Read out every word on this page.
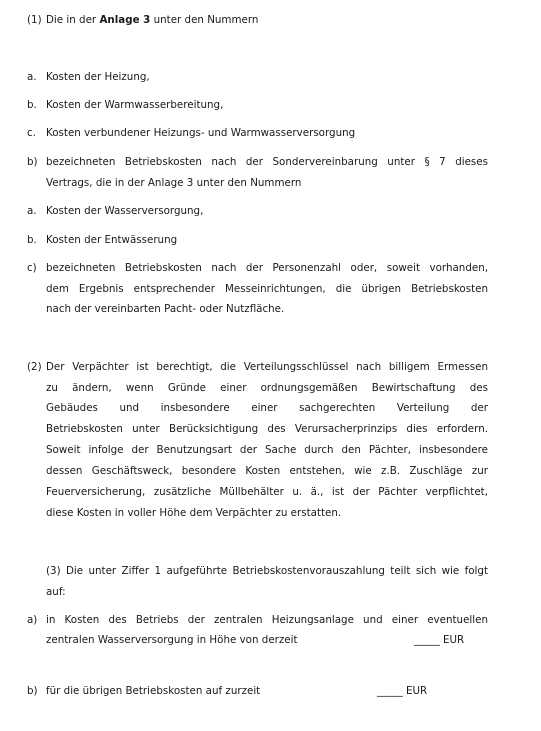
(1) Die in der Anlage 3 unter den Nummern
a. Kosten der Heizung,
b. Kosten der Warmwasserbereitung,
c. Kosten verbundener Heizungs- und Warmwasserversorgung
b) bezeichneten Betriebskosten nach der Sondervereinbarung unter § 7 dieses
Vertrags, die in der Anlage 3 unter den Nummern
a. Kosten der Wasserversorgung,
b. Kosten der Entwässerung
c) bezeichneten Betriebskosten nach der Personenzahl oder, soweit vorhanden,
dem Ergebnis entsprechender Messeinrichtungen, die übrigen Betriebskosten
nach der vereinbarten Pacht- oder Nutzfläche.
(2) Der Verpächter ist berechtigt, die Verteilungsschlüssel nach billigem Ermessen
zu ändern, wenn Gründe einer ordnungsgemäßen Bewirtschaftung des
Gebäudes und insbesondere einer sachgerechten Verteilung der
Betriebskosten unter Berücksichtigung des Verursacherprinzips dies erfordern.
Soweit infolge der Benutzungsart der Sache durch den Pächter, insbesondere
dessen Geschäftsweck, besondere Kosten entstehen, wie z.B. Zuschläge zur
Feuerversicherung, zusätzliche Müllbehälter u. ä., ist der Pächter verpflichtet,
diese Kosten in voller Höhe dem Verpächter zu erstatten.
(3) Die unter Ziffer 1 aufgeführte Betriebskostenvorauszahlung teilt sich wie folgt
auf:
a) in Kosten des Betriebs der zentralen Heizungsanlage und einer eventuellen
zentralen Wasserversorgung in Höhe von derzeit	_____ EUR
b) für die übrigen Betriebskosten auf zurzeit	_____ EUR
